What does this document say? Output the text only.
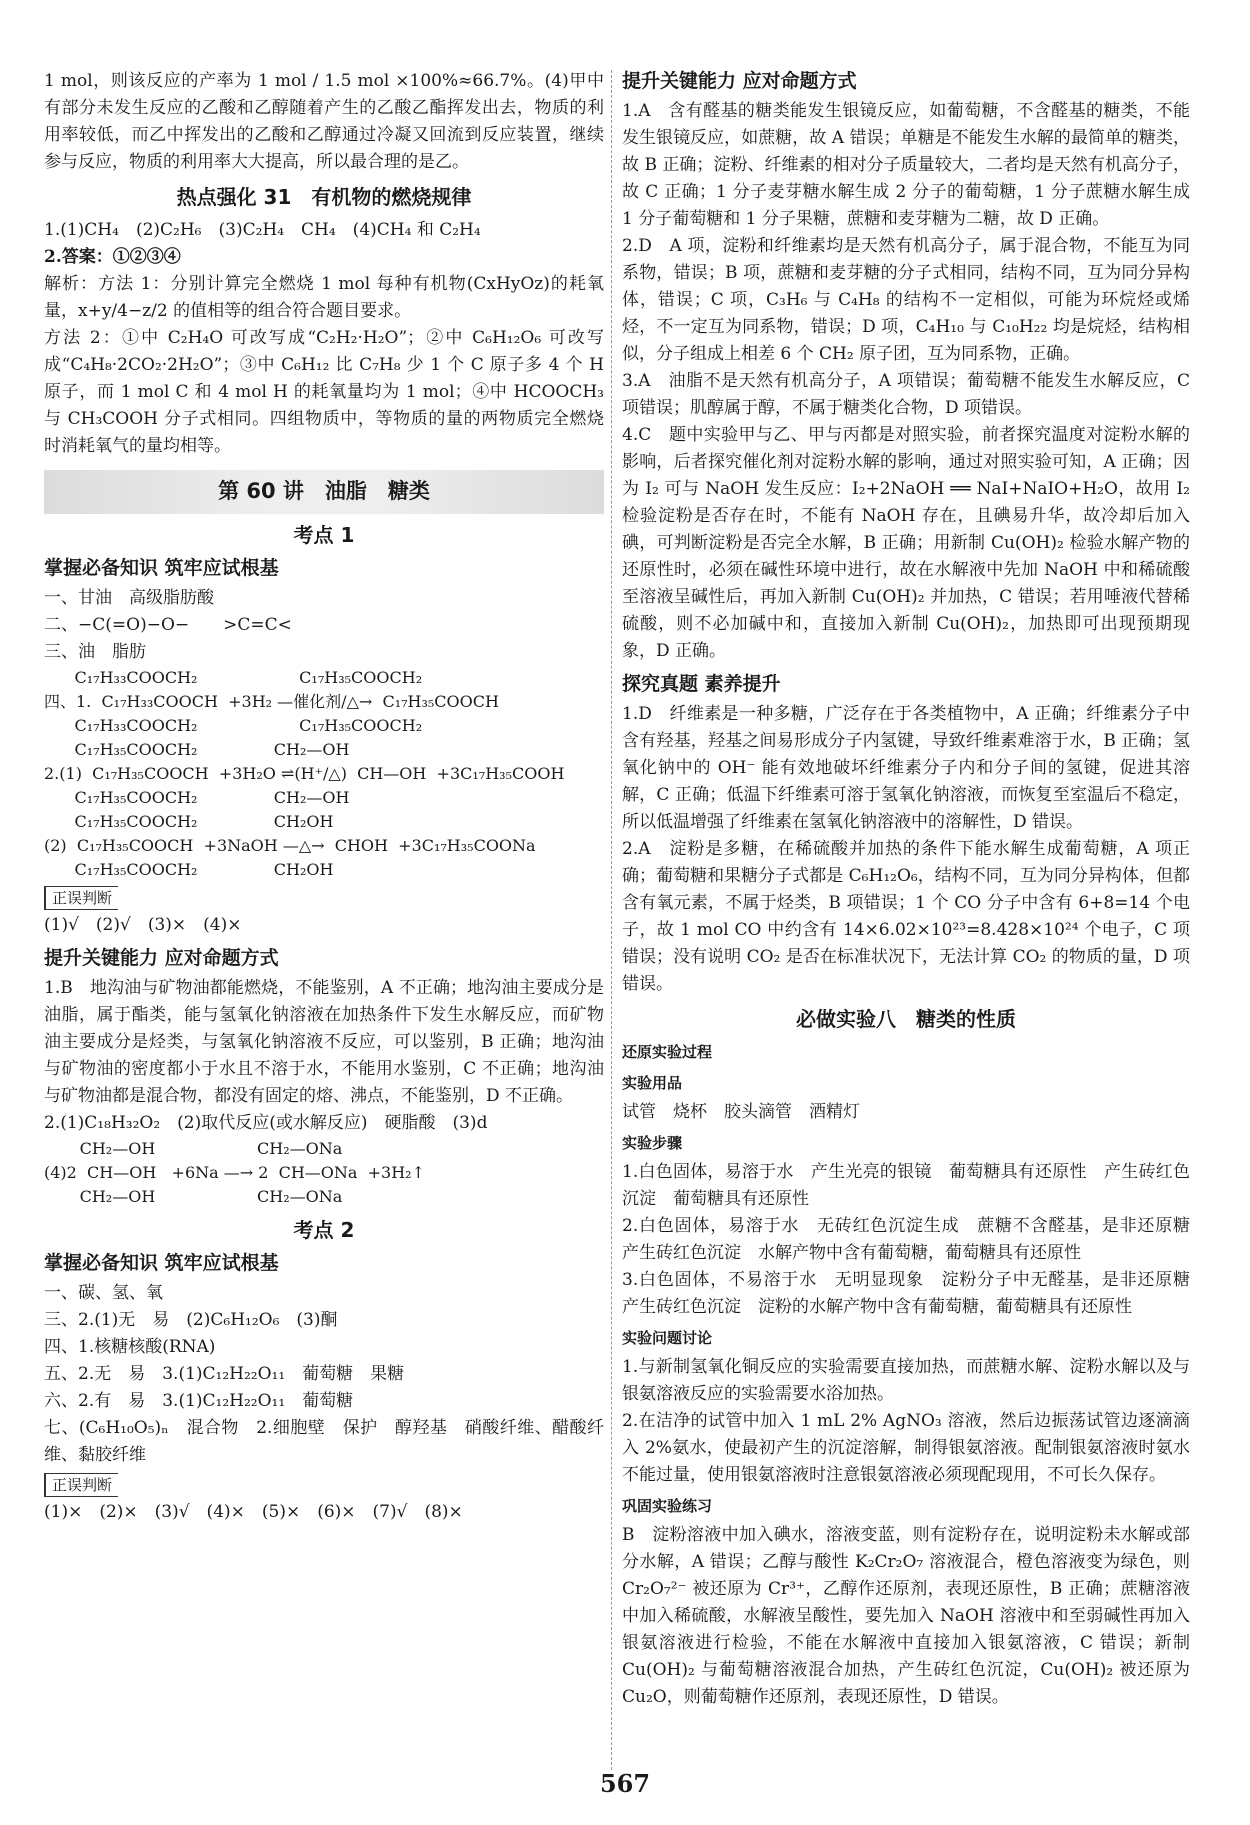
1 mol，则该反应的产率为 1 mol / 1.5 mol ×100%≈66.7%。(4)甲中有部分未发生反应的乙酸和乙醇随着产生的乙酸乙酯挥发出去，物质的利用率较低，而乙中挥发出的乙酸和乙醇通过冷凝又回流到反应装置，继续参与反应，物质的利用率大大提高，所以最合理的是乙。

热点强化 31　有机物的燃烧规律

1.(1)CH₄　(2)C₂H₆　(3)C₂H₄　CH₄　(4)CH₄ 和 C₂H₄

2.答案：①②③④

解析：方法 1：分别计算完全燃烧 1 mol 每种有机物(CxHyOz)的耗氧量，x+y/4−z/2 的值相等的组合符合题目要求。

方法 2：①中 C₂H₄O 可改写成“C₂H₂·H₂O”；②中 C₆H₁₂O₆ 可改写成“C₄H₈·2CO₂·2H₂O”；③中 C₆H₁₂ 比 C₇H₈ 少 1 个 C 原子多 4 个 H 原子，而 1 mol C 和 4 mol H 的耗氧量均为 1 mol；④中 HCOOCH₃ 与 CH₃COOH 分子式相同。四组物质中，等物质的量的两物质完全燃烧时消耗氧气的量均相等。

第 60 讲　油脂　糖类
考点 1
掌握必备知识 筑牢应试根基

一、甘油　高级脂肪酸

二、−C(=O)−O−　　>C=C<

三、油　脂肪

C₁₇H₃₃COOCH₂                    C₁₇H₃₅COOCH₂

四、1.  C₁₇H₃₃COOCH  +3H₂ —催化剂/△→  C₁₇H₃₅COOCH

C₁₇H₃₃COOCH₂                    C₁₇H₃₅COOCH₂

C₁₇H₃₅COOCH₂               CH₂—OH

2.(1)  C₁₇H₃₅COOCH  +3H₂O ⇌(H⁺/△)  CH—OH  +3C₁₇H₃₅COOH

C₁₇H₃₅COOCH₂               CH₂—OH

C₁₇H₃₅COOCH₂               CH₂OH

(2)  C₁₇H₃₅COOCH  +3NaOH —△→  CHOH  +3C₁₇H₃₅COONa

C₁₇H₃₅COOCH₂               CH₂OH

正误判断

(1)√　(2)√　(3)×　(4)×

提升关键能力 应对命题方式

1.B　地沟油与矿物油都能燃烧，不能鉴别，A 不正确；地沟油主要成分是油脂，属于酯类，能与氢氧化钠溶液在加热条件下发生水解反应，而矿物油主要成分是烃类，与氢氧化钠溶液不反应，可以鉴别，B 正确；地沟油与矿物油的密度都小于水且不溶于水，不能用水鉴别，C 不正确；地沟油与矿物油都是混合物，都没有固定的熔、沸点，不能鉴别，D 不正确。

2.(1)C₁₈H₃₂O₂　(2)取代反应(或水解反应)　硬脂酸　(3)d

CH₂—OH                    CH₂—ONa

(4)2  CH—OH   +6Na —→ 2  CH—ONa  +3H₂↑

CH₂—OH                    CH₂—ONa

考点 2
掌握必备知识 筑牢应试根基

一、碳、氢、氧

三、2.(1)无　易　(2)C₆H₁₂O₆　(3)酮

四、1.核糖核酸(RNA)

五、2.无　易　3.(1)C₁₂H₂₂O₁₁　葡萄糖　果糖

六、2.有　易　3.(1)C₁₂H₂₂O₁₁　葡萄糖

七、(C₆H₁₀O₅)ₙ　混合物　2.细胞壁　保护　醇羟基　硝酸纤维、醋酸纤维、黏胶纤维

正误判断

(1)×　(2)×　(3)√　(4)×　(5)×　(6)×　(7)√　(8)×

提升关键能力 应对命题方式

1.A　含有醛基的糖类能发生银镜反应，如葡萄糖，不含醛基的糖类，不能发生银镜反应，如蔗糖，故 A 错误；单糖是不能发生水解的最简单的糖类，故 B 正确；淀粉、纤维素的相对分子质量较大，二者均是天然有机高分子，故 C 正确；1 分子麦芽糖水解生成 2 分子的葡萄糖，1 分子蔗糖水解生成 1 分子葡萄糖和 1 分子果糖，蔗糖和麦芽糖为二糖，故 D 正确。

2.D　A 项，淀粉和纤维素均是天然有机高分子，属于混合物，不能互为同系物，错误；B 项，蔗糖和麦芽糖的分子式相同，结构不同，互为同分异构体，错误；C 项，C₃H₆ 与 C₄H₈ 的结构不一定相似，可能为环烷烃或烯烃，不一定互为同系物，错误；D 项，C₄H₁₀ 与 C₁₀H₂₂ 均是烷烃，结构相似，分子组成上相差 6 个 CH₂ 原子团，互为同系物，正确。

3.A　油脂不是天然有机高分子，A 项错误；葡萄糖不能发生水解反应，C 项错误；肌醇属于醇，不属于糖类化合物，D 项错误。

4.C　题中实验甲与乙、甲与丙都是对照实验，前者探究温度对淀粉水解的影响，后者探究催化剂对淀粉水解的影响，通过对照实验可知，A 正确；因为 I₂ 可与 NaOH 发生反应：I₂+2NaOH ══ NaI+NaIO+H₂O，故用 I₂ 检验淀粉是否存在时，不能有 NaOH 存在，且碘易升华，故冷却后加入碘，可判断淀粉是否完全水解，B 正确；用新制 Cu(OH)₂ 检验水解产物的还原性时，必须在碱性环境中进行，故在水解液中先加 NaOH 中和稀硫酸至溶液呈碱性后，再加入新制 Cu(OH)₂ 并加热，C 错误；若用唾液代替稀硫酸，则不必加碱中和，直接加入新制 Cu(OH)₂，加热即可出现预期现象，D 正确。

探究真题 素养提升

1.D　纤维素是一种多糖，广泛存在于各类植物中，A 正确；纤维素分子中含有羟基，羟基之间易形成分子内氢键，导致纤维素难溶于水，B 正确；氢氧化钠中的 OH⁻ 能有效地破坏纤维素分子内和分子间的氢键，促进其溶解，C 正确；低温下纤维素可溶于氢氧化钠溶液，而恢复至室温后不稳定，所以低温增强了纤维素在氢氧化钠溶液中的溶解性，D 错误。

2.A　淀粉是多糖，在稀硫酸并加热的条件下能水解生成葡萄糖，A 项正确；葡萄糖和果糖分子式都是 C₆H₁₂O₆，结构不同，互为同分异构体，但都含有氧元素，不属于烃类，B 项错误；1 个 CO 分子中含有 6+8=14 个电子，故 1 mol CO 中约含有 14×6.02×10²³=8.428×10²⁴ 个电子，C 项错误；没有说明 CO₂ 是否在标准状况下，无法计算 CO₂ 的物质的量，D 项错误。

必做实验八　糖类的性质
还原实验过程
实验用品

试管　烧杯　胶头滴管　酒精灯

实验步骤

1.白色固体，易溶于水　产生光亮的银镜　葡萄糖具有还原性　产生砖红色沉淀　葡萄糖具有还原性

2.白色固体，易溶于水　无砖红色沉淀生成　蔗糖不含醛基，是非还原糖　产生砖红色沉淀　水解产物中含有葡萄糖，葡萄糖具有还原性

3.白色固体，不易溶于水　无明显现象　淀粉分子中无醛基，是非还原糖　产生砖红色沉淀　淀粉的水解产物中含有葡萄糖，葡萄糖具有还原性

实验问题讨论

1.与新制氢氧化铜反应的实验需要直接加热，而蔗糖水解、淀粉水解以及与银氨溶液反应的实验需要水浴加热。

2.在洁净的试管中加入 1 mL 2% AgNO₃ 溶液，然后边振荡试管边逐滴滴入 2%氨水，使最初产生的沉淀溶解，制得银氨溶液。配制银氨溶液时氨水不能过量，使用银氨溶液时注意银氨溶液必须现配现用，不可长久保存。

巩固实验练习

B　淀粉溶液中加入碘水，溶液变蓝，则有淀粉存在，说明淀粉未水解或部分水解，A 错误；乙醇与酸性 K₂Cr₂O₇ 溶液混合，橙色溶液变为绿色，则 Cr₂O₇²⁻ 被还原为 Cr³⁺，乙醇作还原剂，表现还原性，B 正确；蔗糖溶液中加入稀硫酸，水解液呈酸性，要先加入 NaOH 溶液中和至弱碱性再加入银氨溶液进行检验，不能在水解液中直接加入银氨溶液，C 错误；新制 Cu(OH)₂ 与葡萄糖溶液混合加热，产生砖红色沉淀，Cu(OH)₂ 被还原为 Cu₂O，则葡萄糖作还原剂，表现还原性，D 错误。

567
